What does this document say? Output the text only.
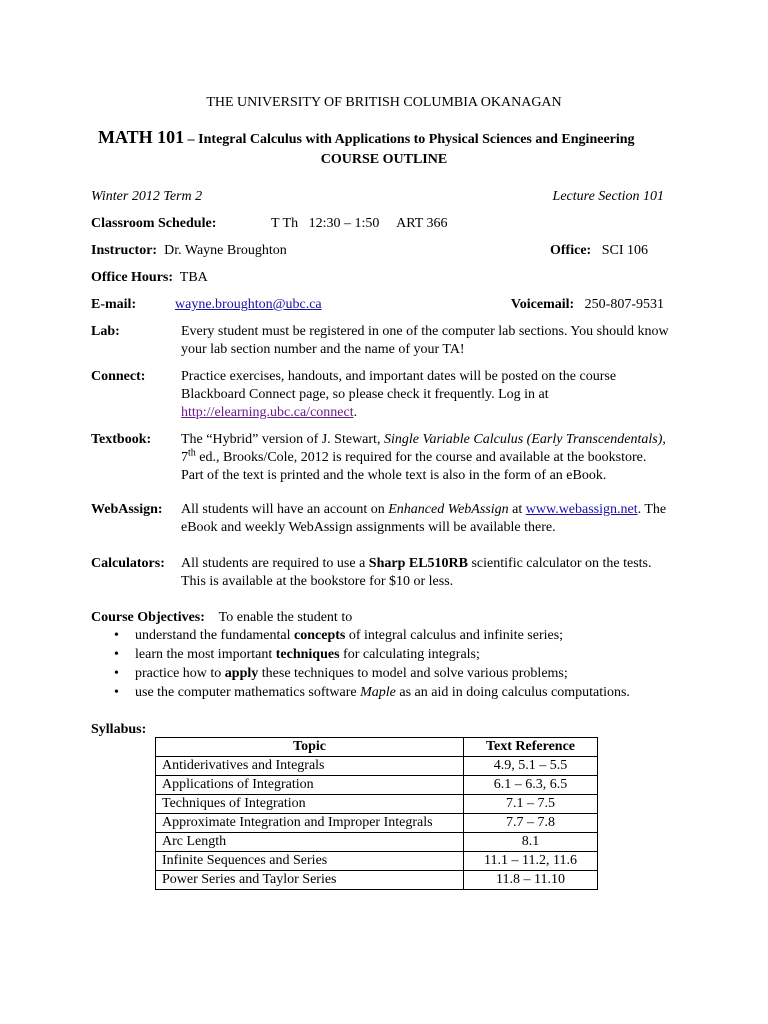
THE UNIVERSITY OF BRITISH COLUMBIA OKANAGAN
MATH 101 – Integral Calculus with Applications to Physical Sciences and Engineering
COURSE OUTLINE
Winter 2012 Term 2	Lecture Section 101
Classroom Schedule:	T Th   12:30 – 1:50     ART 366
Instructor: Dr. Wayne Broughton	Office: SCI 106
Office Hours: TBA
E-mail:	wayne.broughton@ubc.ca	Voicemail: 250-807-9531
Lab:	Every student must be registered in one of the computer lab sections. You should know your lab section number and the name of your TA!
Connect:	Practice exercises, handouts, and important dates will be posted on the course Blackboard Connect page, so please check it frequently. Log in at http://elearning.ubc.ca/connect.
Textbook: The “Hybrid” version of J. Stewart, Single Variable Calculus (Early Transcendentals), 7th ed., Brooks/Cole, 2012 is required for the course and available at the bookstore. Part of the text is printed and the whole text is also in the form of an eBook.
WebAssign: All students will have an account on Enhanced WebAssign at www.webassign.net. The eBook and weekly WebAssign assignments will be available there.
Calculators: All students are required to use a Sharp EL510RB scientific calculator on the tests. This is available at the bookstore for $10 or less.
Course Objectives: To enable the student to
• understand the fundamental concepts of integral calculus and infinite series;
• learn the most important techniques for calculating integrals;
• practice how to apply these techniques to model and solve various problems;
• use the computer mathematics software Maple as an aid in doing calculus computations.
Syllabus:
Topic	Text Reference
Antiderivatives and Integrals	4.9, 5.1 – 5.5
Applications of Integration	6.1 – 6.3, 6.5
Techniques of Integration	7.1 – 7.5
Approximate Integration and Improper Integrals	7.7 – 7.8
Arc Length	8.1
Infinite Sequences and Series	11.1 – 11.2, 11.6
Power Series and Taylor Series	11.8 – 11.10
